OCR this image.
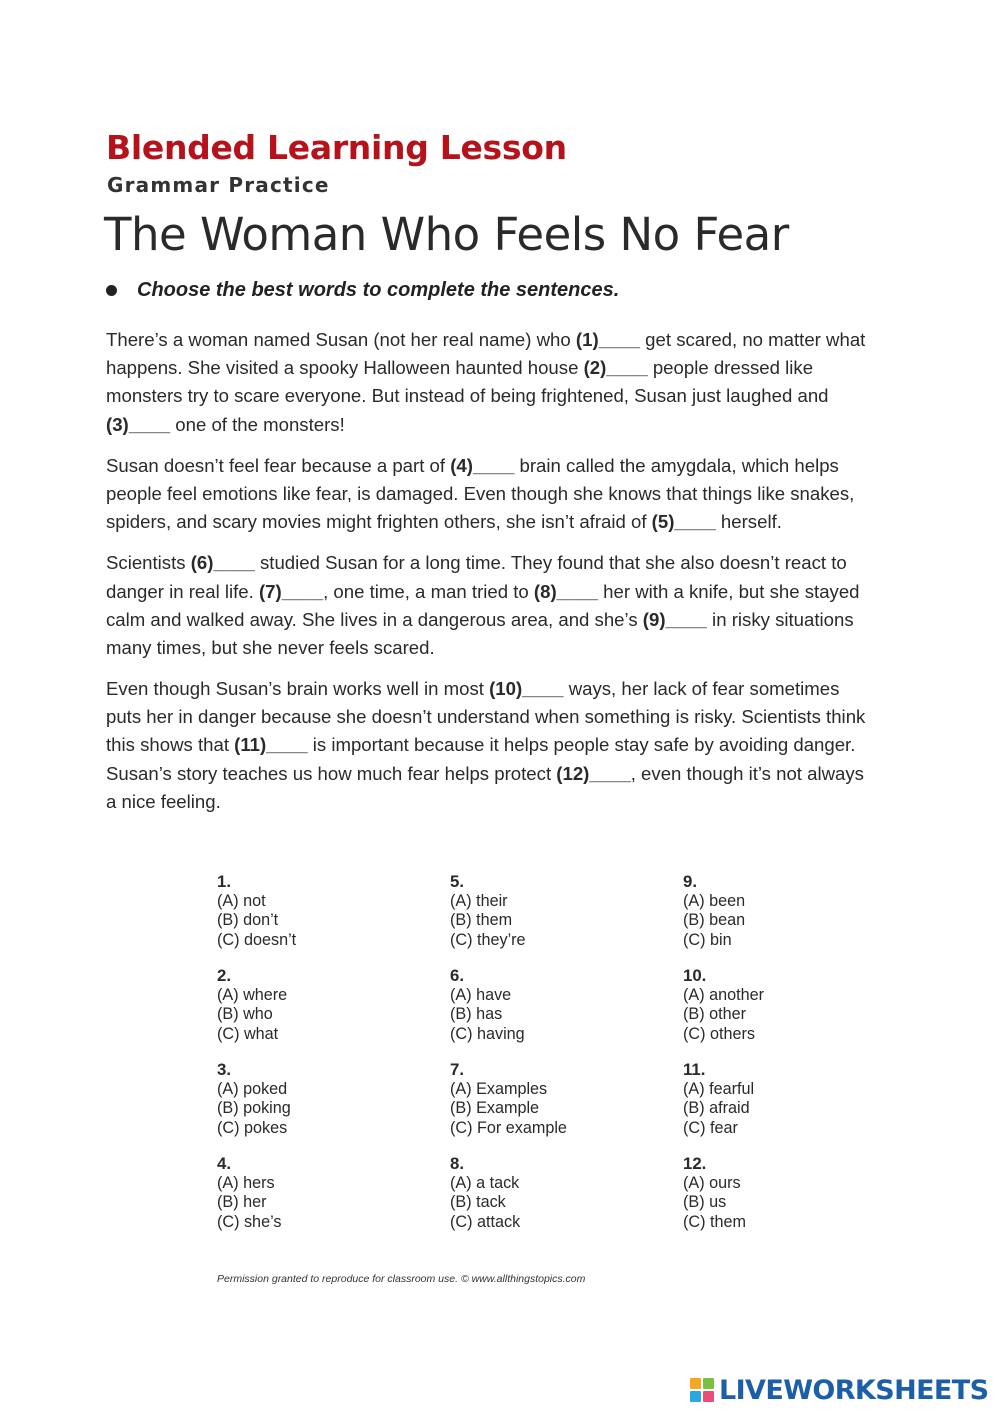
Blended Learning Lesson
Grammar Practice
The Woman Who Feels No Fear
Choose the best words to complete the sentences.
There’s a woman named Susan (not her real name) who (1)____ get scared, no matter what
happens. She visited a spooky Halloween haunted house (2)____ people dressed like
monsters try to scare everyone. But instead of being frightened, Susan just laughed and
(3)____ one of the monsters!
Susan doesn’t feel fear because a part of (4)____ brain called the amygdala, which helps
people feel emotions like fear, is damaged. Even though she knows that things like snakes,
spiders, and scary movies might frighten others, she isn’t afraid of (5)____ herself.
Scientists (6)____ studied Susan for a long time. They found that she also doesn’t react to
danger in real life. (7)____, one time, a man tried to (8)____ her with a knife, but she stayed
calm and walked away. She lives in a dangerous area, and she’s (9)____ in risky situations
many times, but she never feels scared.
Even though Susan’s brain works well in most (10)____ ways, her lack of fear sometimes
puts her in danger because she doesn’t understand when something is risky. Scientists think
this shows that (11)____ is important because it helps people stay safe by avoiding danger.
Susan’s story teaches us how much fear helps protect (12)____, even though it’s not always
a nice feeling.
1.
(A) not
(B) don’t
(C) doesn’t
2.
(A) where
(B) who
(C) what
3.
(A) poked
(B) poking
(C) pokes
4.
(A) hers
(B) her
(C) she’s
5.
(A) their
(B) them
(C) they’re
6.
(A) have
(B) has
(C) having
7.
(A) Examples
(B) Example
(C) For example
8.
(A) a tack
(B) tack
(C) attack
9.
(A) been
(B) bean
(C) bin
10.
(A) another
(B) other
(C) others
11.
(A) fearful
(B) afraid
(C) fear
12.
(A) ours
(B) us
(C) them
Permission granted to reproduce for classroom use. © www.allthingstopics.com
LIVEWORKSHEETS
